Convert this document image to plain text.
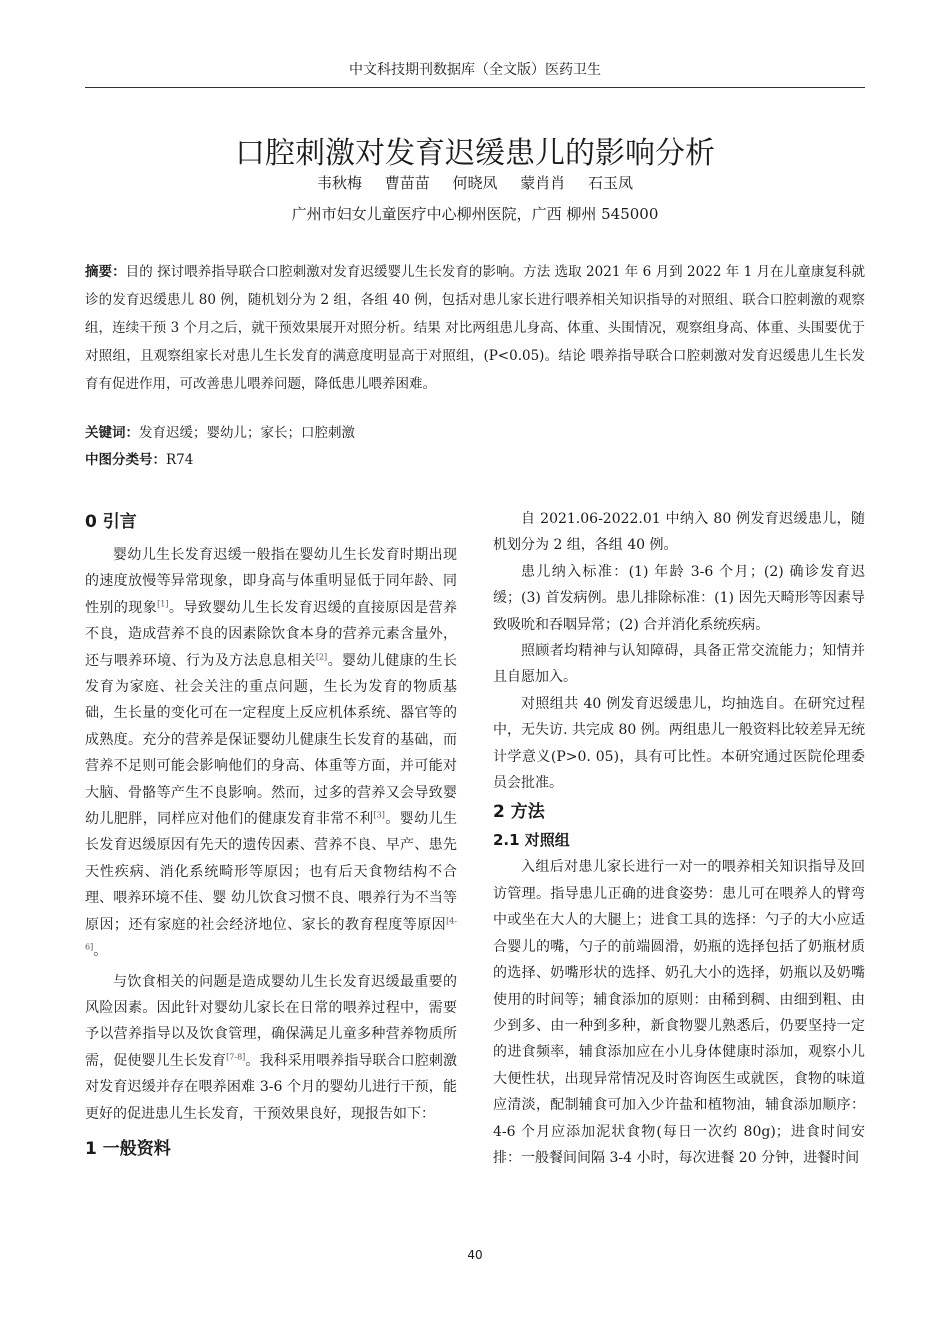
中文科技期刊数据库（全文版）医药卫生
口腔刺激对发育迟缓患儿的影响分析
韦秋梅 曹苗苗 何晓凤 蒙肖肖 石玉凤
广州市妇女儿童医疗中心柳州医院，广西 柳州 545000
摘要：目的 探讨喂养指导联合口腔刺激对发育迟缓婴儿生长发育的影响。方法 选取 2021 年 6 月到 2022 年 1 月在儿童康复科就诊的发育迟缓患儿 80 例，随机划分为 2 组，各组 40 例，包括对患儿家长进行喂养相关知识指导的对照组、联合口腔刺激的观察组，连续干预 3 个月之后，就干预效果展开对照分析。结果 对比两组患儿身高、体重、头围情况，观察组身高、体重、头围要优于对照组，且观察组家长对患儿生长发育的满意度明显高于对照组，(P<0.05)。结论 喂养指导联合口腔刺激对发育迟缓患儿生长发育有促进作用，可改善患儿喂养问题，降低患儿喂养困难。
关键词：发育迟缓；婴幼儿；家长；口腔刺激
中图分类号：R74
0 引言

婴幼儿生长发育迟缓一般指在婴幼儿生长发育时期出现的速度放慢等异常现象，即身高与体重明显低于同年龄、同性别的现象[1]。导致婴幼儿生长发育迟缓的直接原因是营养不良，造成营养不良的因素除饮食本身的营养元素含量外，还与喂养环境、行为及方法息息相关[2]。婴幼儿健康的生长发育为家庭、社会关注的重点问题，生长为发育的物质基础，生长量的变化可在一定程度上反应机体系统、器官等的成熟度。充分的营养是保证婴幼儿健康生长发育的基础，而营养不足则可能会影响他们的身高、体重等方面，并可能对大脑、骨骼等产生不良影响。然而，过多的营养又会导致婴幼儿肥胖，同样应对他们的健康发育非常不利[3]。婴幼儿生长发育迟缓原因有先天的遗传因素、营养不良、早产、患先天性疾病、消化系统畸形等原因；也有后天食物结构不合理、喂养环境不佳、婴 幼儿饮食习惯不良、喂养行为不当等原因；还有家庭的社会经济地位、家长的教育程度等原因[4-6]。

与饮食相关的问题是造成婴幼儿生长发育迟缓最重要的风险因素。因此针对婴幼儿家长在日常的喂养过程中，需要予以营养指导以及饮食管理，确保满足儿童多种营养物质所需，促使婴儿生长发育[7-8]。我科采用喂养指导联合口腔刺激对发育迟缓并存在喂养困难 3-6 个月的婴幼儿进行干预，能更好的促进患儿生长发育，干预效果良好，现报告如下：

1 一般资料

自 2021.06-2022.01 中纳入 80 例发育迟缓患儿，随机划分为 2 组，各组 40 例。

患儿纳入标准：(1) 年龄 3-6 个月；(2) 确诊发育迟缓；(3) 首发病例。患儿排除标准：(1) 因先天畸形等因素导致吸吮和吞咽异常；(2) 合并消化系统疾病。

照顾者均精神与认知障碍，具备正常交流能力；知情并且自愿加入。

对照组共 40 例发育迟缓患儿，均抽选自。在研究过程中，无失访. 共完成 80 例。两组患儿一般资料比较差异无统计学意义(P>0. 05)，具有可比性。本研究通过医院伦理委员会批准。

2 方法
2.1 对照组

入组后对患儿家长进行一对一的喂养相关知识指导及回访管理。指导患儿正确的进食姿势：患儿可在喂养人的臂弯中或坐在大人的大腿上；进食工具的选择：勺子的大小应适合婴儿的嘴，勺子的前端圆滑，奶瓶的选择包括了奶瓶材质的选择、奶嘴形状的选择、奶孔大小的选择，奶瓶以及奶嘴使用的时间等；辅食添加的原则：由稀到稠、由细到粗、由少到多、由一种到多种，新食物婴儿熟悉后，仍要坚持一定的进食频率，辅食添加应在小儿身体健康时添加，观察小儿大便性状，出现异常情况及时咨询医生或就医，食物的味道应清淡，配制辅食可加入少许盐和植物油，辅食添加顺序：4-6 个月应添加泥状食物(每日一次约 80g)；进食时间安排：一般餐间间隔 3-4 小时，每次进餐 20 分钟，进餐时间

40
